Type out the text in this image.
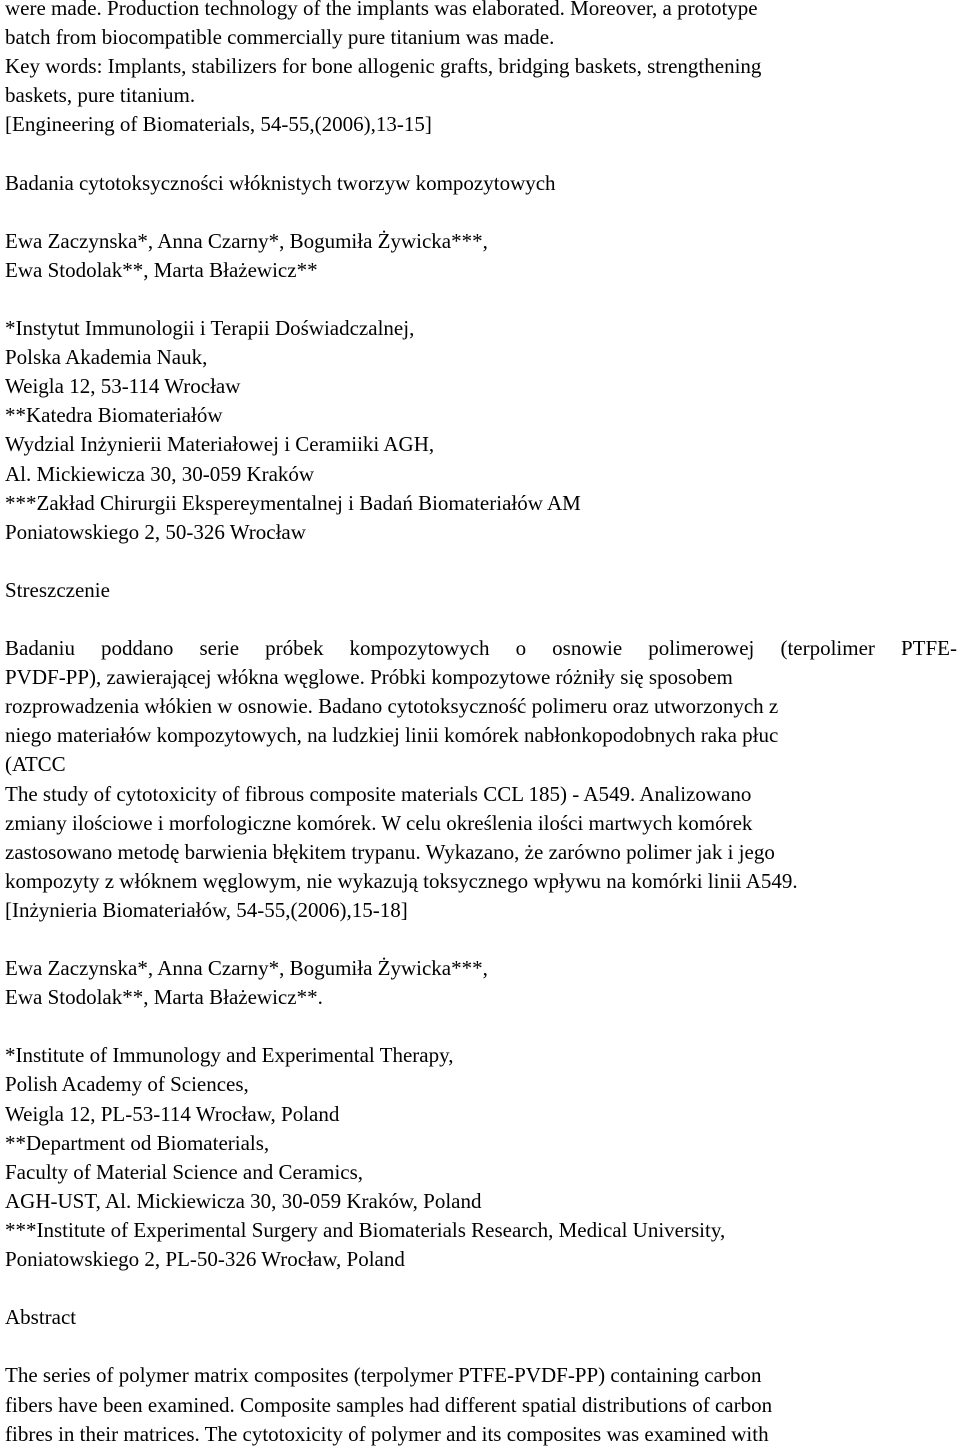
were made. Production technology of the implants was elaborated. Moreover, a prototype
batch from biocompatible commercially pure titanium was made.
Key words: Implants, stabilizers for bone allogenic grafts, bridging baskets, strengthening
baskets, pure titanium.
[Engineering of Biomaterials, 54-55,(2006),13-15]
Badania cytotoksyczności włóknistych tworzyw kompozytowych
Ewa Zaczynska*, Anna Czarny*, Bogumiła Żywicka***,
Ewa Stodolak**, Marta Błażewicz**
*Instytut Immunologii i Terapii Doświadczalnej,
Polska Akademia Nauk,
Weigla 12, 53-114 Wrocław
**Katedra Biomateriałów
Wydzial Inżynierii Materiałowej i Ceramiiki AGH,
Al. Mickiewicza 30, 30-059 Kraków
***Zakład Chirurgii Ekspereymentalnej i Badań Biomateriałów AM
Poniatowskiego 2, 50-326 Wrocław
Streszczenie
Badaniu poddano serie próbek kompozytowych o osnowie polimerowej (terpolimer PTFE-
PVDF-PP), zawierającej włókna węglowe. Próbki kompozytowe różniły się sposobem
rozprowadzenia włókien w osnowie. Badano cytotoksyczność polimeru oraz utworzonych z
niego materiałów kompozytowych, na ludzkiej linii komórek nabłonkopodobnych raka płuc
(ATCC
The study of cytotoxicity of fibrous composite materials CCL 185) - A549. Analizowano
zmiany ilościowe i morfologiczne komórek. W celu określenia ilości martwych komórek
zastosowano metodę barwienia błękitem trypanu. Wykazano, że zarówno polimer jak i jego
kompozyty z włóknem węglowym, nie wykazują toksycznego wpływu na komórki linii A549.
[Inżynieria Biomateriałów, 54-55,(2006),15-18]
Ewa Zaczynska*, Anna Czarny*, Bogumiła Żywicka***,
Ewa Stodolak**, Marta Błażewicz**.
*Institute of Immunology and Experimental Therapy,
Polish Academy of Sciences,
Weigla 12, PL-53-114 Wrocław, Poland
**Department od Biomaterials,
Faculty of Material Science and Ceramics,
AGH-UST, Al. Mickiewicza 30, 30-059 Kraków, Poland
***Institute of Experimental Surgery and Biomaterials Research, Medical University,
Poniatowskiego 2, PL-50-326 Wrocław, Poland
Abstract
The series of polymer matrix composites (terpolymer PTFE-PVDF-PP) containing carbon
fibers have been examined. Composite samples had different spatial distributions of carbon
fibres in their matrices. The cytotoxicity of polymer and its composites was examined with
